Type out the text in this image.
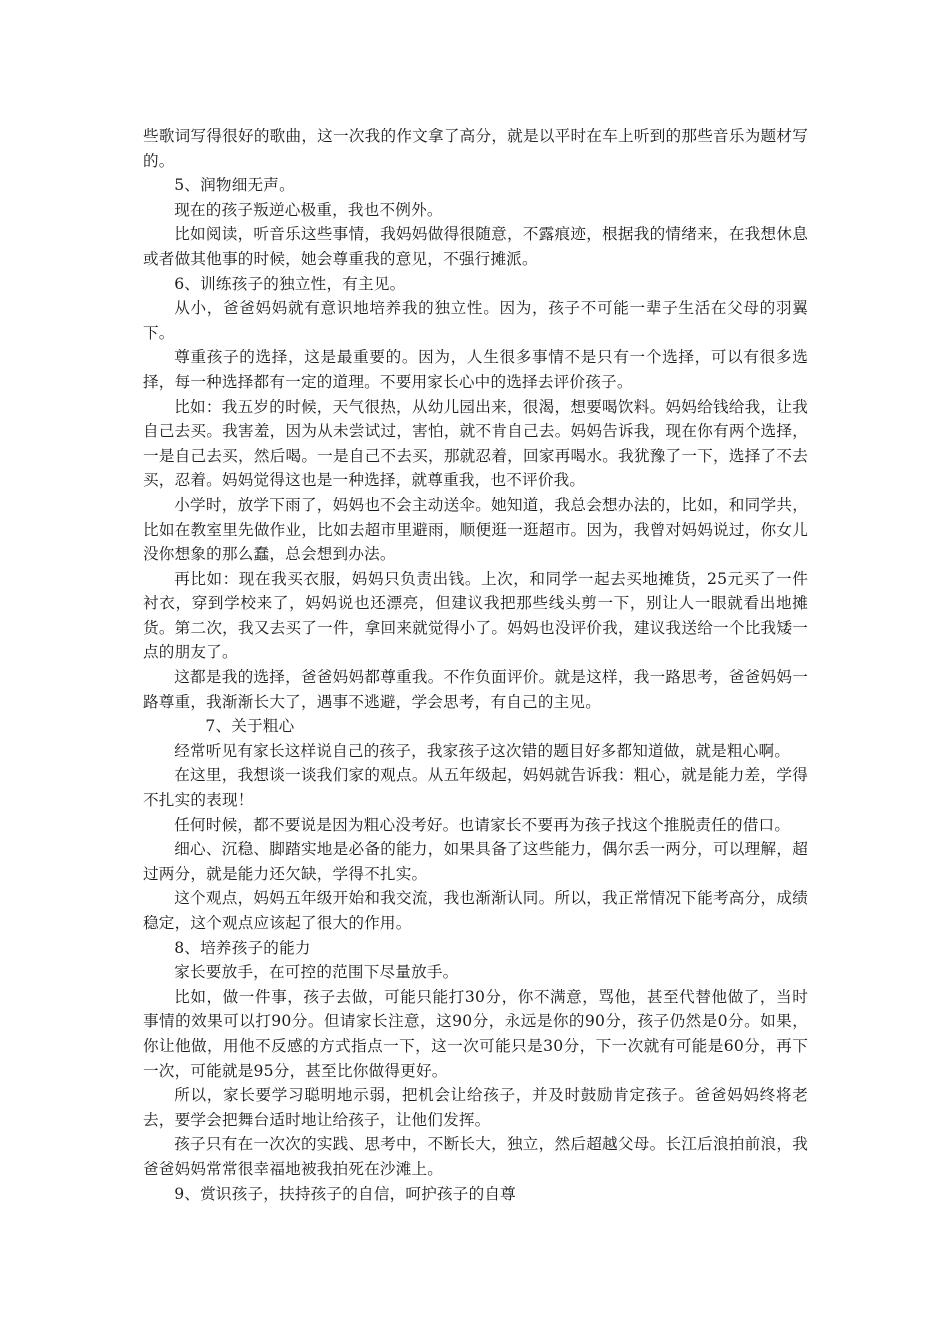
些歌词写得很好的歌曲，这一次我的作文拿了高分，就是以平时在车上听到的那些音乐为题材写的。

5、润物细无声。

现在的孩子叛逆心极重，我也不例外。

比如阅读，听音乐这些事情，我妈妈做得很随意，不露痕迹，根据我的情绪来，在我想休息或者做其他事的时候，她会尊重我的意见，不强行摊派。

6、训练孩子的独立性，有主见。

从小，爸爸妈妈就有意识地培养我的独立性。因为，孩子不可能一辈子生活在父母的羽翼下。

尊重孩子的选择，这是最重要的。因为，人生很多事情不是只有一个选择，可以有很多选择，每一种选择都有一定的道理。不要用家长心中的选择去评价孩子。

比如：我五岁的时候，天气很热，从幼儿园出来，很渴，想要喝饮料。妈妈给钱给我，让我自己去买。我害羞，因为从未尝试过，害怕，就不肯自己去。妈妈告诉我，现在你有两个选择，一是自己去买，然后喝。一是自己不去买，那就忍着，回家再喝水。我犹豫了一下，选择了不去买，忍着。妈妈觉得这也是一种选择，就尊重我，也不评价我。

小学时，放学下雨了，妈妈也不会主动送伞。她知道，我总会想办法的，比如，和同学共，比如在教室里先做作业，比如去超市里避雨，顺便逛一逛超市。因为，我曾对妈妈说过，你女儿没你想象的那么蠢，总会想到办法。

再比如：现在我买衣服，妈妈只负责出钱。上次，和同学一起去买地摊货，25元买了一件衬衣，穿到学校来了，妈妈说也还漂亮，但建议我把那些线头剪一下，别让人一眼就看出地摊货。第二次，我又去买了一件，拿回来就觉得小了。妈妈也没评价我，建议我送给一个比我矮一点的朋友了。

这都是我的选择，爸爸妈妈都尊重我。不作负面评价。就是这样，我一路思考，爸爸妈妈一路尊重，我渐渐长大了，遇事不逃避，学会思考，有自己的主见。

7、关于粗心

经常听见有家长这样说自己的孩子，我家孩子这次错的题目好多都知道做，就是粗心啊。

在这里，我想谈一谈我们家的观点。从五年级起，妈妈就告诉我：粗心，就是能力差，学得不扎实的表现！

任何时候，都不要说是因为粗心没考好。也请家长不要再为孩子找这个推脱责任的借口。

细心、沉稳、脚踏实地是必备的能力，如果具备了这些能力，偶尔丢一两分，可以理解，超过两分，就是能力还欠缺，学得不扎实。

这个观点，妈妈五年级开始和我交流，我也渐渐认同。所以，我正常情况下能考高分，成绩稳定，这个观点应该起了很大的作用。

8、培养孩子的能力

家长要放手，在可控的范围下尽量放手。

比如，做一件事，孩子去做，可能只能打30分，你不满意，骂他，甚至代替他做了，当时事情的效果可以打90分。但请家长注意，这90分，永远是你的90分，孩子仍然是0分。如果，你让他做，用他不反感的方式指点一下，这一次可能只是30分，下一次就有可能是60分，再下一次，可能就是95分，甚至比你做得更好。

所以，家长要学习聪明地示弱，把机会让给孩子，并及时鼓励肯定孩子。爸爸妈妈终将老去，要学会把舞台适时地让给孩子，让他们发挥。

孩子只有在一次次的实践、思考中，不断长大，独立，然后超越父母。长江后浪拍前浪，我爸爸妈妈常常很幸福地被我拍死在沙滩上。

9、赏识孩子，扶持孩子的自信，呵护孩子的自尊
